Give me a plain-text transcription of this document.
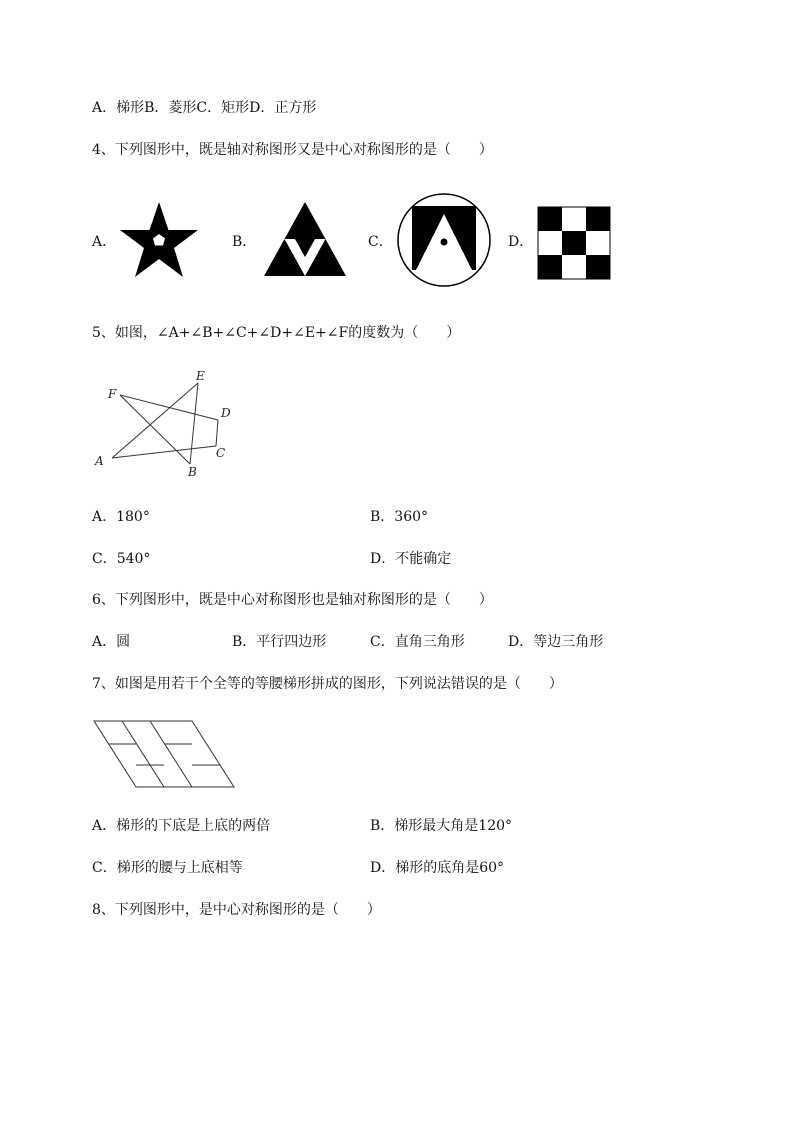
A．梯形B．菱形C．矩形D．正方形
4、下列图形中，既是轴对称图形又是中心对称图形的是（　　）
A．	B．	C．	D．
5、如图，∠A+∠B+∠C+∠D+∠E+∠F的度数为（　　）
F
E
D
C
A
B
A．180°	B．360°
C．540°	D．不能确定
6、下列图形中，既是中心对称图形也是轴对称图形的是（　　）
A．圆	B．平行四边形	C．直角三角形	D．等边三角形
7、如图是用若干个全等的等腰梯形拼成的图形，下列说法错误的是（　　）
A．梯形的下底是上底的两倍	B．梯形最大角是120°
C．梯形的腰与上底相等	D．梯形的底角是60°
8、下列图形中，是中心对称图形的是（　　）
